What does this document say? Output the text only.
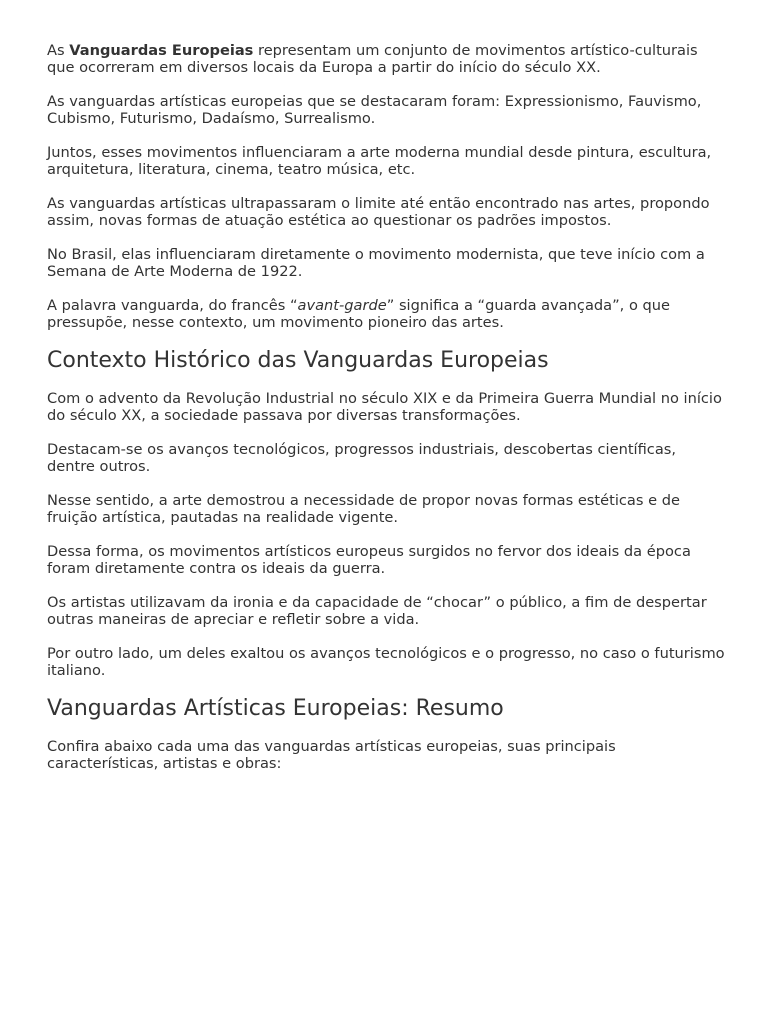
As Vanguardas Europeias representam um conjunto de movimentos artístico-culturais que ocorreram em diversos locais da Europa a partir do início do século XX.

As vanguardas artísticas europeias que se destacaram foram: Expressionismo, Fauvismo, Cubismo, Futurismo, Dadaísmo, Surrealismo.

Juntos, esses movimentos influenciaram a arte moderna mundial desde pintura, escultura, arquitetura, literatura, cinema, teatro música, etc.

As vanguardas artísticas ultrapassaram o limite até então encontrado nas artes, propondo assim, novas formas de atuação estética ao questionar os padrões impostos.

No Brasil, elas influenciaram diretamente o movimento modernista, que teve início com a Semana de Arte Moderna de 1922.

A palavra vanguarda, do francês “avant-garde” significa a “guarda avançada”, o que pressupõe, nesse contexto, um movimento pioneiro das artes.

Contexto Histórico das Vanguardas Europeias

Com o advento da Revolução Industrial no século XIX e da Primeira Guerra Mundial no início do século XX, a sociedade passava por diversas transformações.

Destacam-se os avanços tecnológicos, progressos industriais, descobertas científicas, dentre outros.

Nesse sentido, a arte demostrou a necessidade de propor novas formas estéticas e de fruição artística, pautadas na realidade vigente.

Dessa forma, os movimentos artísticos europeus surgidos no fervor dos ideais da época foram diretamente contra os ideais da guerra.

Os artistas utilizavam da ironia e da capacidade de “chocar” o público, a fim de despertar outras maneiras de apreciar e refletir sobre a vida.

Por outro lado, um deles exaltou os avanços tecnológicos e o progresso, no caso o futurismo italiano.

Vanguardas Artísticas Europeias: Resumo

Confira abaixo cada uma das vanguardas artísticas europeias, suas principais características, artistas e obras:
